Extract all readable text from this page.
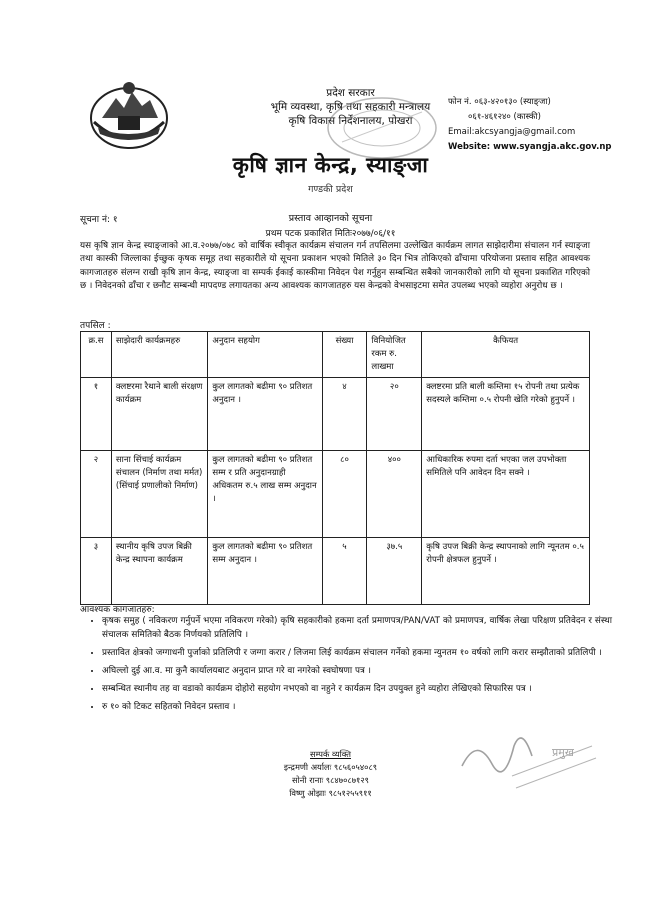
प्रदेश सरकार
भूमि व्यवस्था, कृषि तथा सहकारी मन्त्रालय
कृषि विकास निर्देशनालय, पोखरा
फोन नं. ०६३-४२०१३० (स्याङ्जा)
०६१-४६१२४० (कास्की)
Email:akcsyangja@gmail.com
Website: www.syangja.akc.gov.np
कृषि ज्ञान केन्द्र, स्याङ्जा
गण्डकी प्रदेश
सूचना नं: १	प्रस्ताव आव्हानको सूचना
प्रथम पटक प्रकाशित मितिः२०७७/०६/११
यस कृषि ज्ञान केन्द्र स्याङ्जाको आ.व.२०७७/०७८ को वार्षिक स्वीकृत कार्यक्रम संचालन गर्न तपसिलमा उल्लेखित कार्यक्रम लागत साझेदारीमा संचालन गर्न स्याङ्जा तथा कास्की जिल्लाका ईच्छुक कृषक समूह तथा सहकारीले यो सूचना प्रकाशन भएको मितिले ३० दिन भित्र तोकिएको ढाँचामा परियोजना प्रस्ताव सहित आवश्यक कागजातहरु संलग्न राखी कृषि ज्ञान केन्द्र, स्याङ्जा वा सम्पर्क ईकाई कास्कीमा निवेदन पेश गर्नुहुन सम्बन्धित सबैको जानकारीको लागि यो सूचना प्रकाशित गरिएको छ । निवेदनको ढाँचा र छनौट सम्बन्धी मापदण्ड लगायतका अन्य आवश्यक कागजातहरु यस केन्द्रको वेभसाइटमा समेत उपलब्ध भएको व्यहोरा अनुरोध छ ।
तपसिल :
क्र.स	साझेदारी कार्यक्रमहरु	अनुदान सहयोग	संख्या	विनियोजित रकम रु. लाखमा	कैफियत
१	क्लष्टरमा रैथाने बाली संरक्षण कार्यक्रम	कुल लागतको बढीमा ९० प्रतिशत अनुदान ।	४	२०	क्लष्टरमा प्रति बाली कम्तिमा १५ रोपनी तथा प्रत्येक सदस्यले कम्तिमा ०.५ रोपनी खेति गरेको हुनुपर्ने ।
२	साना सिंचाई कार्यक्रम संचालन (निर्माण तथा मर्मत) (सिंचाई प्रणालीको निर्माण)	कुल लागतको बढीमा ९० प्रतिशत सम्म र प्रति अनुदानग्राही अधिकतम रु.५ लाख सम्म अनुदान ।	८०	४००	आधिकारिक रुपमा दर्ता भएका जल उपभोक्ता समितिले पनि आवेदन दिन सक्ने ।
३	स्थानीय कृषि उपज बिक्री केन्द्र स्थापना कार्यक्रम	कुल लागतको बढीमा ९० प्रतिशत सम्म अनुदान ।	५	३७.५	कृषि उपज बिक्री केन्द्र स्थापनाको लागि न्यूनतम ०.५ रोपनी क्षेत्रफल हुनुपर्ने ।
आवश्यक कागजातहरु:
• कृषक समुह ( नविकरण गर्नुपर्ने भएमा नविकरण गरेको) कृषि सहकारीको हकमा दर्ता प्रमाणपत्र/PAN/VAT को प्रमाणपत्र, वार्षिक लेखा परिक्षण प्रतिवेदन र संस्था संचालक समितिको बैठक निर्णयको प्रतिलिपि ।
• प्रस्तावित क्षेत्रको जग्गाधनी पुर्जाको प्रतिलिपी र जग्गा करार / लिजमा लिई कार्यक्रम संचालन गर्नेको हकमा न्युनतम १० वर्षको लागि करार सम्झौताको प्रतिलिपी ।
• अघिल्लो दुई आ.व. मा कुनै कार्यालयबाट अनुदान प्राप्त गरे वा नगरेको स्वघोषणा पत्र ।
• सम्बन्धित स्थानीय तह वा वडाको कार्यक्रम दोहोरो सहयोग नभएको वा नहुने र कार्यक्रम दिन उपयुक्त हुने व्यहोरा लेखिएको सिफारिस पत्र ।
• रु १० को टिकट सहितको निवेदन प्रस्ताव ।
सम्पर्क व्यक्ति
इन्द्रमणी अर्यालः ९८५६०५४०८९
सोनी रानाः ९८४७०८७१२९
विष्णु ओझाः ९८५१२५५९११
प्रमुख
